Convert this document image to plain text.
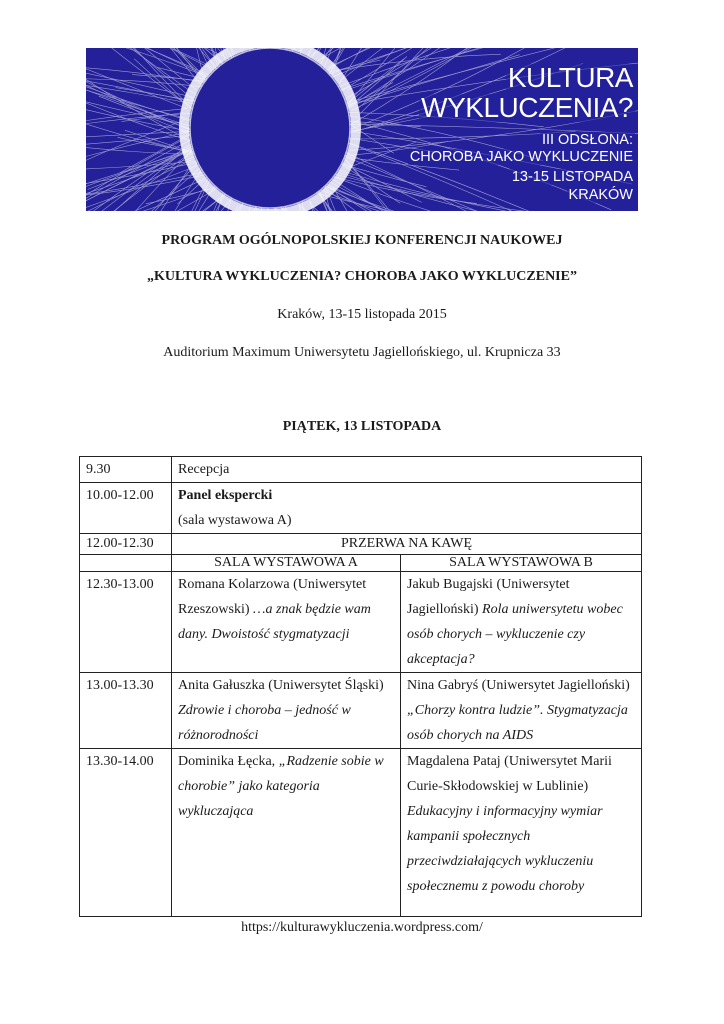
KULTURA
WYKLUCZENIA?
III ODSŁONA:
CHOROBA JAKO WYKLUCZENIE
13-15 LISTOPADA
KRAKÓW
PROGRAM OGÓLNOPOLSKIEJ KONFERENCJI NAUKOWEJ
„KULTURA WYKLUCZENIA? CHOROBA JAKO WYKLUCZENIE”
Kraków, 13-15 listopada 2015
Auditorium Maximum Uniwersytetu Jagiellońskiego, ul. Krupnicza 33
PIĄTEK, 13 LISTOPADA
9.30	Recepcja	
10.00-12.00	Panel ekspercki
(sala wystawowa A)	

12.00-12.30	PRZERWA NA KAWĘ	
	SALA WYSTAWOWA A	SALA WYSTAWOWA B
12.30-13.00	Romana Kolarzowa (Uniwersytet Rzeszowski) …a znak będzie wam dany. Dwoistość stygmatyzacji	Jakub Bugajski (Uniwersytet Jagielloński) Rola uniwersytetu wobec osób chorych – wykluczenie czy akceptacja?
13.00-13.30	Anita Gałuszka (Uniwersytet Śląski) Zdrowie i choroba – jedność w różnorodności	Nina Gabryś (Uniwersytet Jagielloński) „Chorzy kontra ludzie”. Stygmatyzacja osób chorych na AIDS
13.30-14.00	Dominika Łęcka, „Radzenie sobie w chorobie” jako kategoria wykluczająca	Magdalena Pataj (Uniwersytet Marii Curie-Skłodowskiej w Lublinie) Edukacyjny i informacyjny wymiar kampanii społecznych przeciwdziałających wykluczeniu społecznemu z powodu choroby
https://kulturawykluczenia.wordpress.com/
